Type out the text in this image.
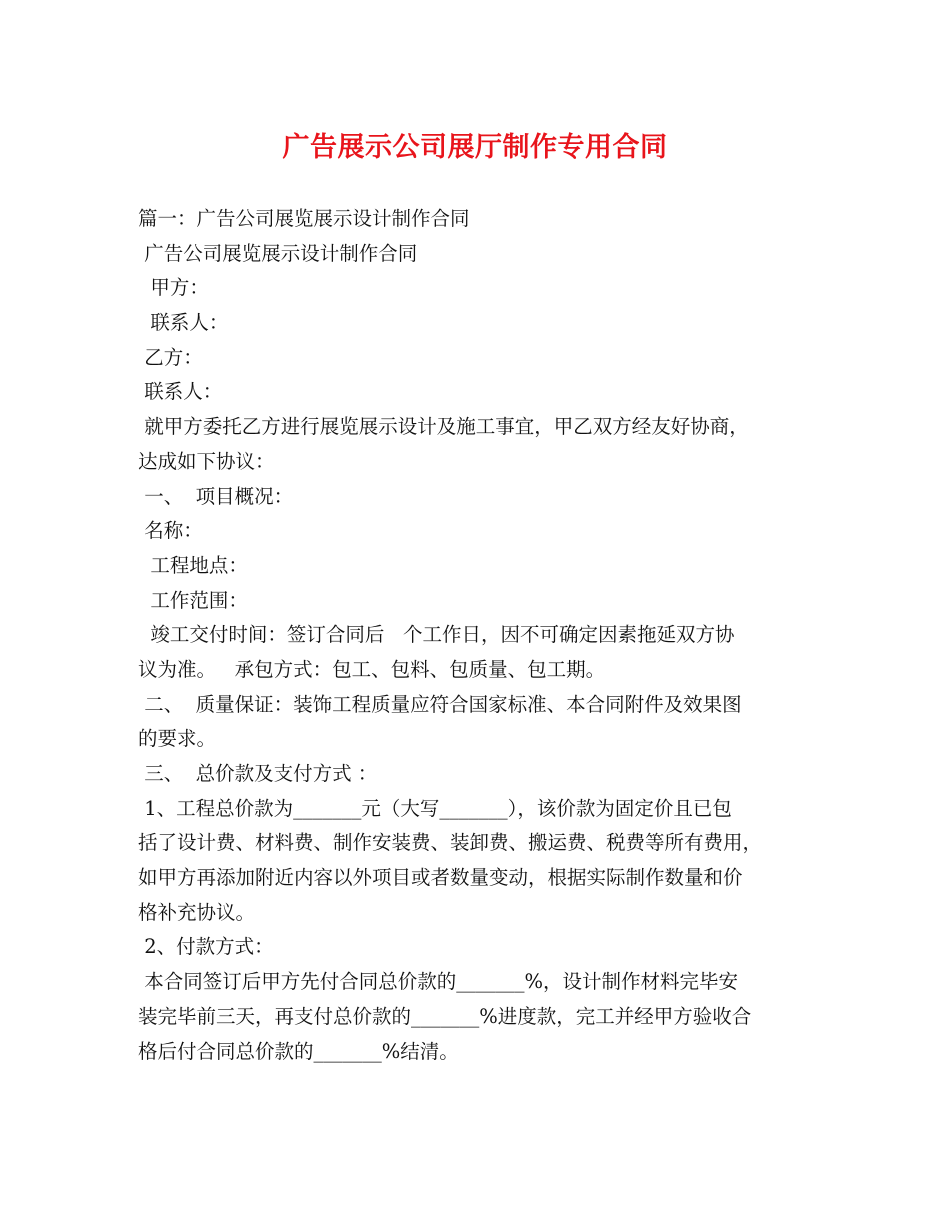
广告展示公司展厅制作专用合同
篇一：广告公司展览展示设计制作合同
广告公司展览展示设计制作合同
甲方：
联系人：
乙方：
联系人：
就甲方委托乙方进行展览展示设计及施工事宜，甲乙双方经友好协商，
达成如下协议：
一、  项目概况：
名称：
工程地点：
工作范围：
竣工交付时间：签订合同后   个工作日，因不可确定因素拖延双方协
议为准。   承包方式：包工、包料、包质量、包工期。
二、  质量保证：装饰工程质量应符合国家标准、本合同附件及效果图
的要求。
三、  总价款及支付方式 ：
1、工程总价款为_______元（大写_______），该价款为固定价且已包
括了设计费、材料费、制作安装费、装卸费、搬运费、税费等所有费用，
如甲方再添加附近内容以外项目或者数量变动，根据实际制作数量和价
格补充协议。
2、付款方式：
本合同签订后甲方先付合同总价款的_______%，设计制作材料完毕安
装完毕前三天，再支付总价款的_______%进度款，完工并经甲方验收合
格后付合同总价款的_______%结清。
